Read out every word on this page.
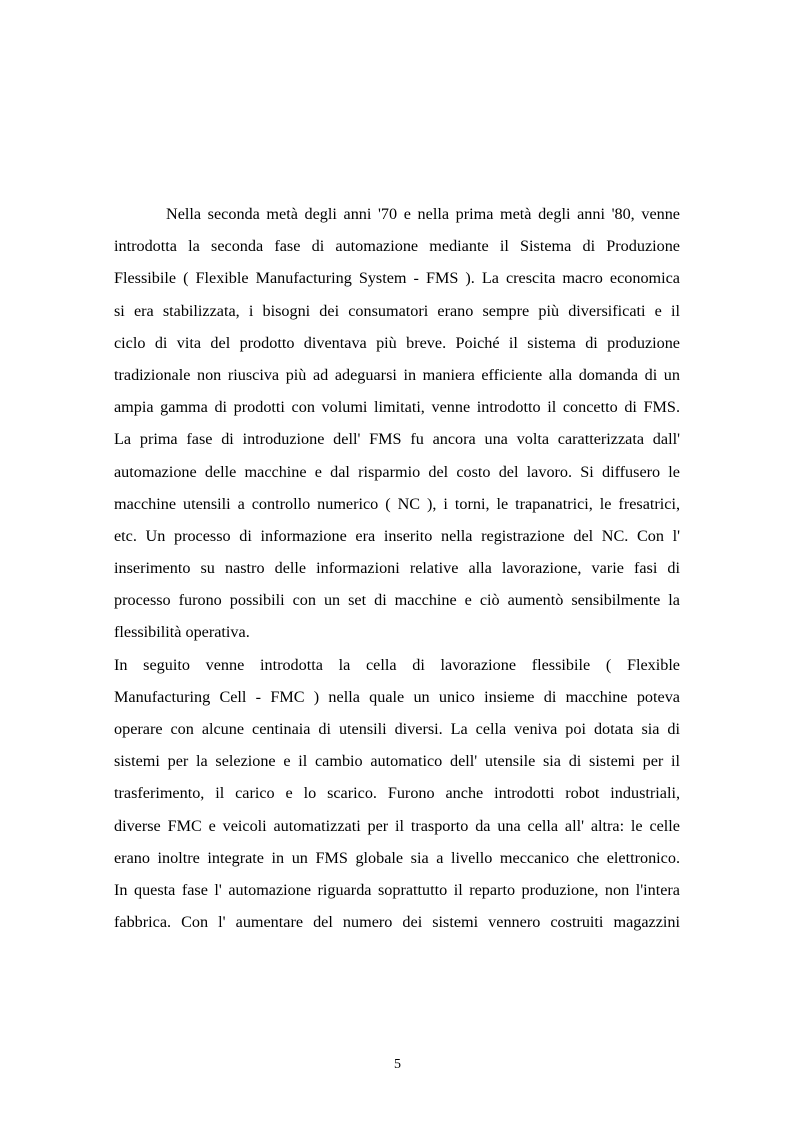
Nella seconda metà degli anni '70 e nella prima metà degli anni '80, venne
introdotta la seconda fase di automazione mediante il Sistema di Produzione
Flessibile ( Flexible Manufacturing System - FMS ). La crescita macro economica
si era stabilizzata, i bisogni dei consumatori erano sempre più diversificati e il
ciclo di vita del prodotto diventava più breve. Poiché il sistema di produzione
tradizionale non riusciva più ad adeguarsi in maniera efficiente alla domanda di un
ampia gamma di prodotti con volumi limitati, venne introdotto il concetto di FMS.
La prima fase di introduzione dell' FMS fu ancora una volta caratterizzata dall'
automazione delle macchine e dal risparmio del costo del lavoro. Si diffusero le
macchine utensili a controllo numerico ( NC ), i torni, le trapanatrici, le fresatrici,
etc. Un processo di informazione era inserito nella registrazione del NC. Con l'
inserimento su nastro delle informazioni relative alla lavorazione, varie fasi di
processo furono possibili con un set di macchine e ciò aumentò sensibilmente la
flessibilità operativa.
In seguito venne introdotta la cella di lavorazione flessibile ( Flexible
Manufacturing Cell - FMC ) nella quale un unico insieme di macchine poteva
operare con alcune centinaia di utensili diversi. La cella veniva poi dotata sia di
sistemi per la selezione e il cambio automatico dell' utensile sia di sistemi per il
trasferimento, il carico e lo scarico. Furono anche introdotti robot industriali,
diverse FMC e veicoli automatizzati per il trasporto da una cella all' altra: le celle
erano inoltre integrate in un FMS globale sia a livello meccanico che elettronico.
In questa fase l' automazione riguarda soprattutto il reparto produzione, non l'intera
fabbrica. Con l' aumentare del numero dei sistemi vennero costruiti magazzini
5
